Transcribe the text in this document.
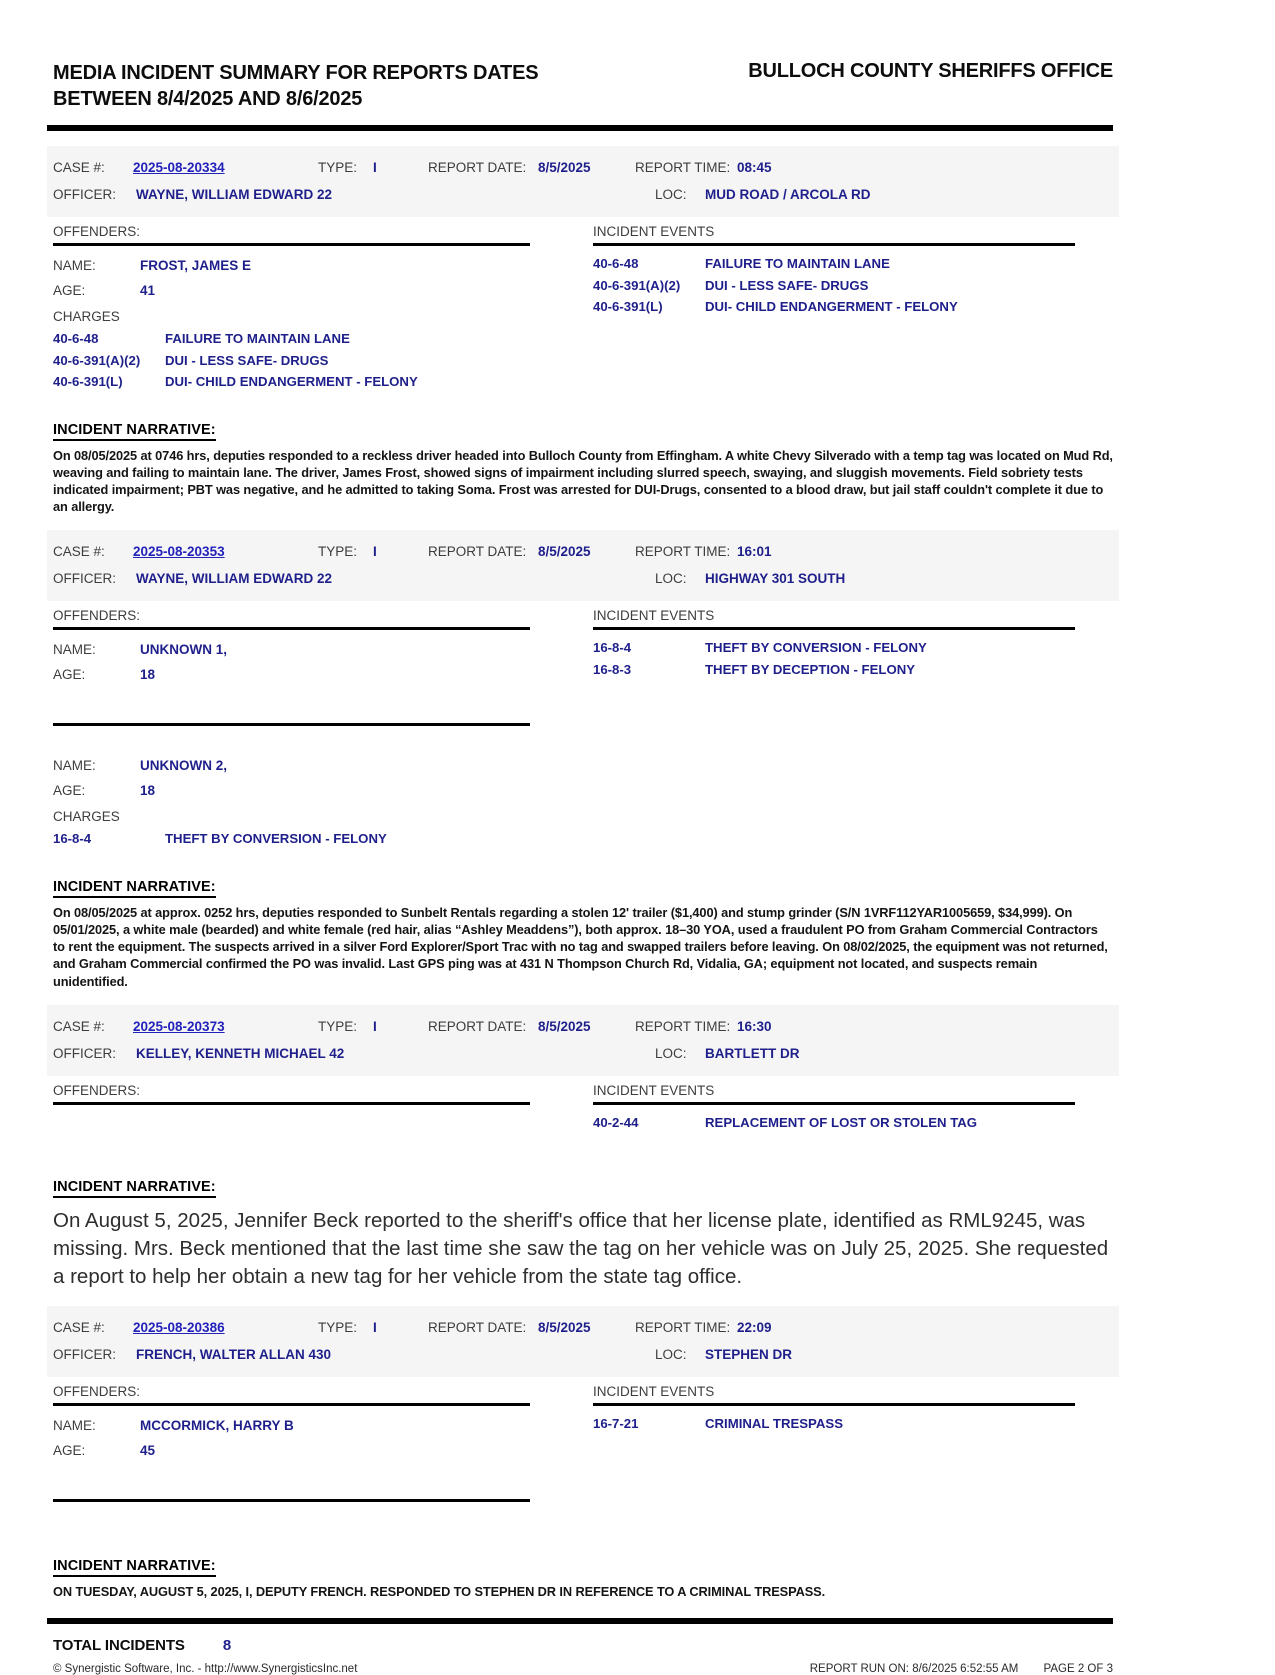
MEDIA INCIDENT SUMMARY FOR REPORTS DATES BETWEEN 8/4/2025 AND 8/6/2025
BULLOCH COUNTY SHERIFFS OFFICE
CASE #:	2025-08-20334	TYPE:	I	REPORT DATE: 8/5/2025	REPORT TIME: 08:45
OFFICER:	WAYNE, WILLIAM EDWARD 22	LOC:	MUD ROAD / ARCOLA RD
OFFENDERS:
NAME:	FROST, JAMES E
AGE:	41
CHARGES
40-6-48	FAILURE TO MAINTAIN LANE
40-6-391(A)(2)	DUI - LESS SAFE- DRUGS
40-6-391(L)	DUI- CHILD ENDANGERMENT - FELONY
INCIDENT EVENTS
40-6-48	FAILURE TO MAINTAIN LANE
40-6-391(A)(2)	DUI - LESS SAFE- DRUGS
40-6-391(L)	DUI- CHILD ENDANGERMENT - FELONY
INCIDENT NARRATIVE:
On 08/05/2025 at 0746 hrs, deputies responded to a reckless driver headed into Bulloch County from Effingham. A white Chevy Silverado with a temp tag was located on Mud Rd, weaving and failing to maintain lane. The driver, James Frost, showed signs of impairment including slurred speech, swaying, and sluggish movements. Field sobriety tests indicated impairment; PBT was negative, and he admitted to taking Soma. Frost was arrested for DUI-Drugs, consented to a blood draw, but jail staff couldn't complete it due to an allergy.
CASE #:	2025-08-20353	TYPE:	I	REPORT DATE: 8/5/2025	REPORT TIME: 16:01
OFFICER:	WAYNE, WILLIAM EDWARD 22	LOC:	HIGHWAY 301 SOUTH
OFFENDERS:
NAME:	UNKNOWN 1,
AGE:	18
NAME:	UNKNOWN 2,
AGE:	18
CHARGES
16-8-4	THEFT BY CONVERSION - FELONY
INCIDENT EVENTS
16-8-4	THEFT BY CONVERSION - FELONY
16-8-3	THEFT BY DECEPTION - FELONY
INCIDENT NARRATIVE:
On 08/05/2025 at approx. 0252 hrs, deputies responded to Sunbelt Rentals regarding a stolen 12' trailer ($1,400) and stump grinder (S/N 1VRF112YAR1005659, $34,999). On 05/01/2025, a white male (bearded) and white female (red hair, alias “Ashley Meaddens”), both approx. 18–30 YOA, used a fraudulent PO from Graham Commercial Contractors to rent the equipment. The suspects arrived in a silver Ford Explorer/Sport Trac with no tag and swapped trailers before leaving. On 08/02/2025, the equipment was not returned, and Graham Commercial confirmed the PO was invalid. Last GPS ping was at 431 N Thompson Church Rd, Vidalia, GA; equipment not located, and suspects remain unidentified.
CASE #:	2025-08-20373	TYPE:	I	REPORT DATE: 8/5/2025	REPORT TIME: 16:30
OFFICER:	KELLEY, KENNETH MICHAEL 42	LOC:	BARTLETT DR
OFFENDERS:	INCIDENT EVENTS
40-2-44	REPLACEMENT OF LOST OR STOLEN TAG
INCIDENT NARRATIVE:
On August 5, 2025, Jennifer Beck reported to the sheriff's office that her license plate, identified as RML9245, was missing. Mrs. Beck mentioned that the last time she saw the tag on her vehicle was on July 25, 2025. She requested a report to help her obtain a new tag for her vehicle from the state tag office.
CASE #:	2025-08-20386	TYPE:	I	REPORT DATE: 8/5/2025	REPORT TIME: 22:09
OFFICER:	FRENCH, WALTER ALLAN 430	LOC:	STEPHEN DR
OFFENDERS:
NAME:	MCCORMICK, HARRY B
AGE:	45
INCIDENT EVENTS
16-7-21	CRIMINAL TRESPASS
INCIDENT NARRATIVE:
ON TUESDAY, AUGUST 5, 2025, I, DEPUTY FRENCH. RESPONDED TO STEPHEN DR IN REFERENCE TO A CRIMINAL TRESPASS.
TOTAL INCIDENTS	8
© Synergistic Software, Inc. - http://www.SynergisticsInc.net	REPORT RUN ON: 8/6/2025 6:52:55 AM PAGE 2 OF 3
